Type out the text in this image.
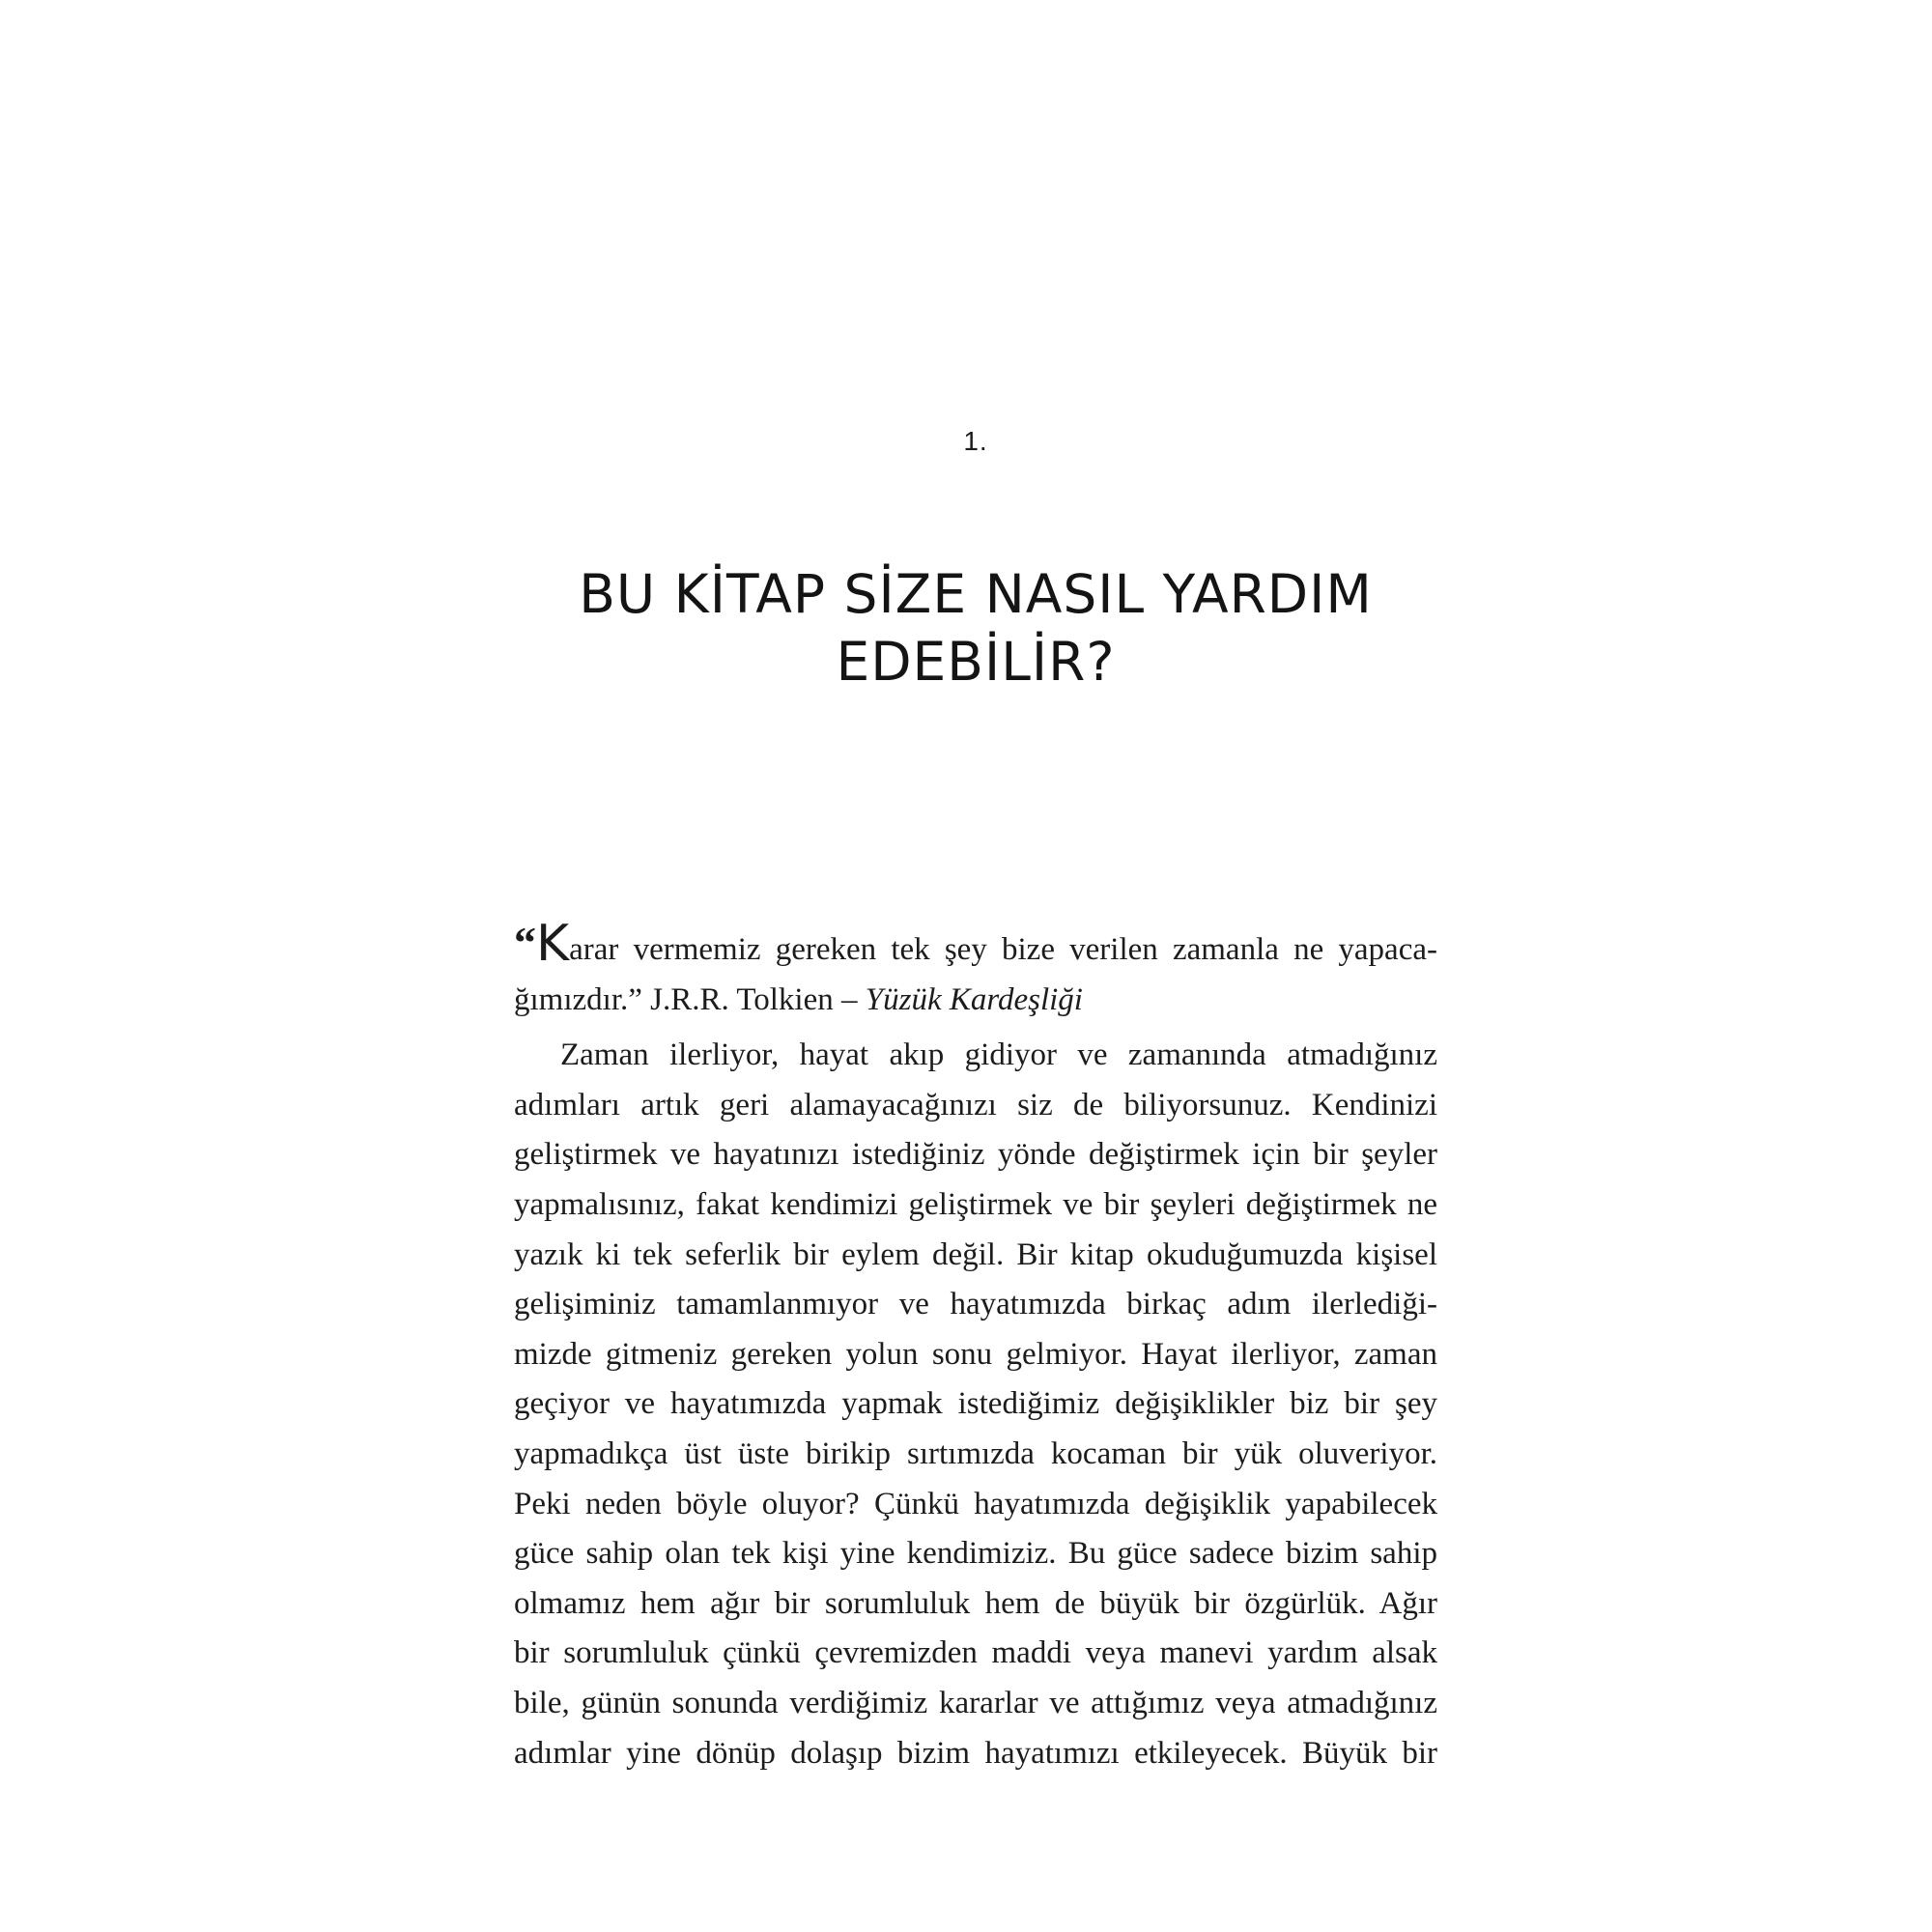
1.
BU KİTAP SİZE NASIL YARDIM
EDEBİLİR?

“Karar vermemiz gereken tek şey bize verilen zamanla ne yapaca-
ğımızdır.” J.R.R. Tolkien – Yüzük Kardeşliği

Zaman ilerliyor, hayat akıp gidiyor ve zamanında atmadığınız
adımları artık geri alamayacağınızı siz de biliyorsunuz. Kendinizi
geliştirmek ve hayatınızı istediğiniz yönde değiştirmek için bir şeyler
yapmalısınız, fakat kendimizi geliştirmek ve bir şeyleri değiştirmek ne
yazık ki tek seferlik bir eylem değil. Bir kitap okuduğumuzda kişisel
gelişiminiz tamamlanmıyor ve hayatımızda birkaç adım ilerlediği-
mizde gitmeniz gereken yolun sonu gelmiyor. Hayat ilerliyor, zaman
geçiyor ve hayatımızda yapmak istediğimiz değişiklikler biz bir şey
yapmadıkça üst üste birikip sırtımızda kocaman bir yük oluveriyor.
Peki neden böyle oluyor? Çünkü hayatımızda değişiklik yapabilecek
güce sahip olan tek kişi yine kendimiziz. Bu güce sadece bizim sahip
olmamız hem ağır bir sorumluluk hem de büyük bir özgürlük. Ağır
bir sorumluluk çünkü çevremizden maddi veya manevi yardım alsak
bile, günün sonunda verdiğimiz kararlar ve attığımız veya atmadığınız
adımlar yine dönüp dolaşıp bizim hayatımızı etkileyecek. Büyük bir
